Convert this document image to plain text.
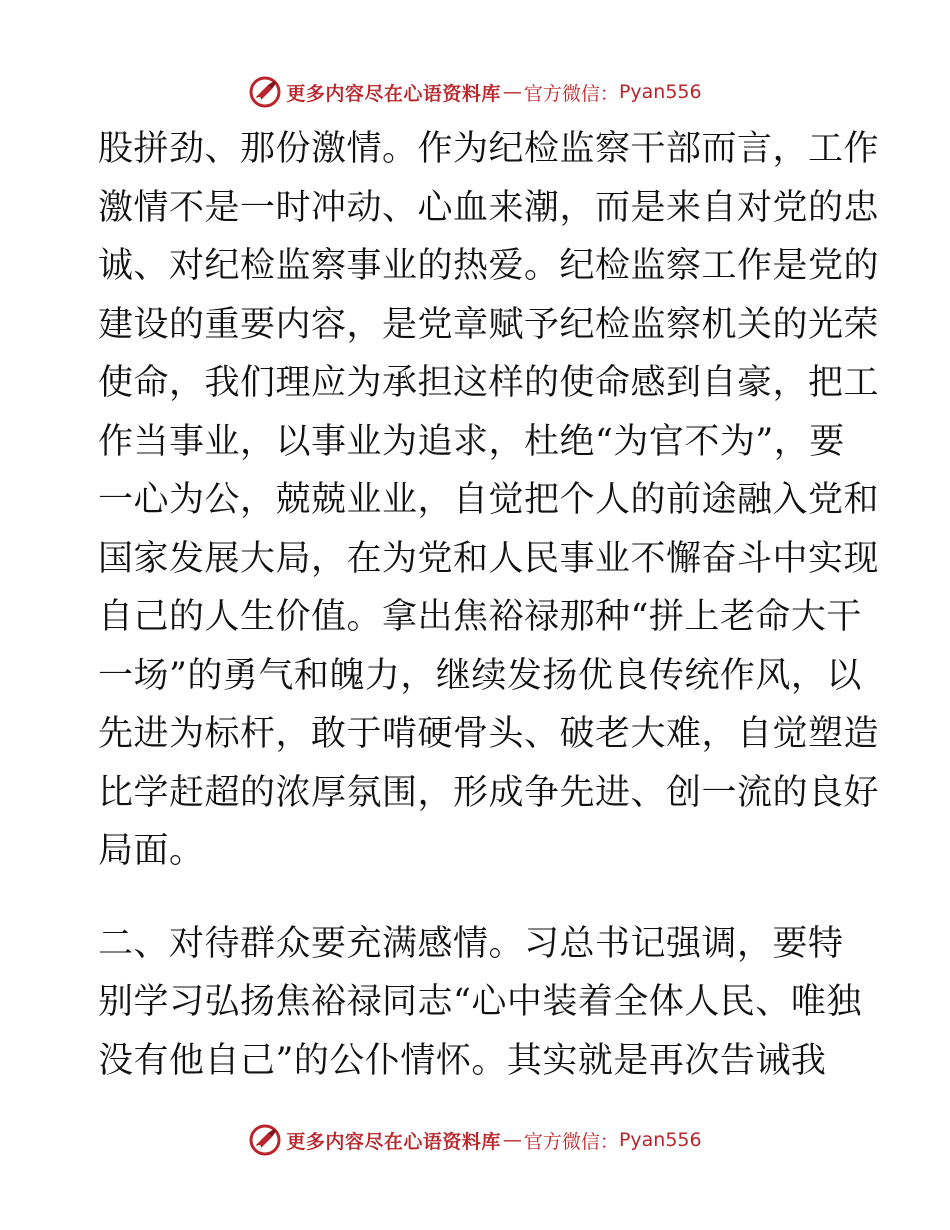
更多内容尽在心语资料库 — 官方微信： Pyan556
股拼劲、那份激情。作为纪检监察干部而言，工作
激情不是一时冲动、心血来潮，而是来自对党的忠
诚、对纪检监察事业的热爱。纪检监察工作是党的
建设的重要内容，是党章赋予纪检监察机关的光荣
使命，我们理应为承担这样的使命感到自豪，把工
作当事业，以事业为追求，杜绝“为官不为”，要
一心为公，兢兢业业，自觉把个人的前途融入党和
国家发展大局，在为党和人民事业不懈奋斗中实现
自己的人生价值。拿出焦裕禄那种“拼上老命大干
一场”的勇气和魄力，继续发扬优良传统作风，以
先进为标杆，敢于啃硬骨头、破老大难，自觉塑造
比学赶超的浓厚氛围，形成争先进、创一流的良好
局面。
二、对待群众要充满感情。习总书记强调，要特
别学习弘扬焦裕禄同志“心中装着全体人民、唯独
没有他自己”的公仆情怀。其实就是再次告诫我
更多内容尽在心语资料库 — 官方微信： Pyan556
